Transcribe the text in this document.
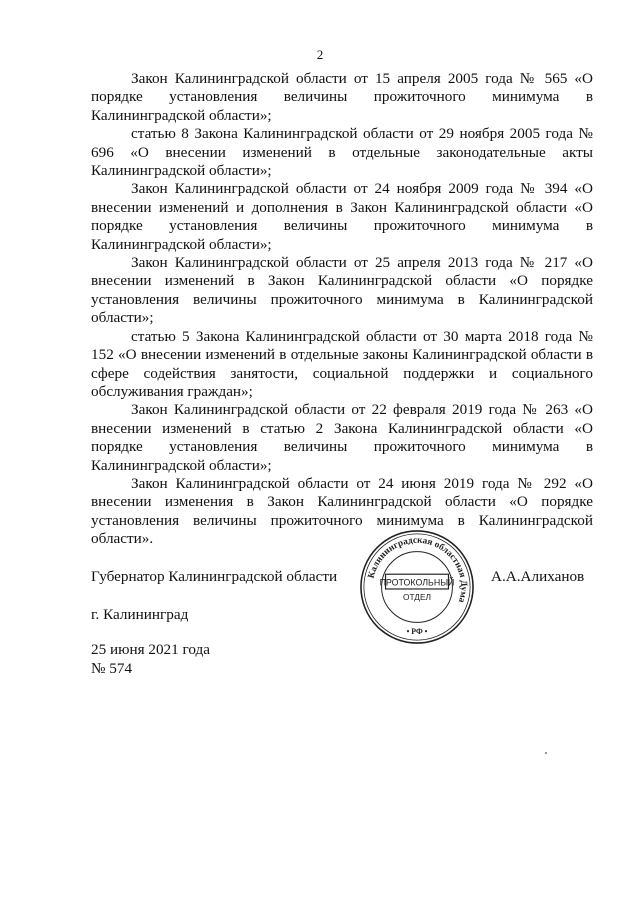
2

Закон Калининградской области от 15 апреля 2005 года № 565 «О порядке установления величины прожиточного минимума в Калининградской области»;

статью 8 Закона Калининградской области от 29 ноября 2005 года № 696 «О внесении изменений в отдельные законодательные акты Калининградской области»;

Закон Калининградской области от 24 ноября 2009 года № 394 «О внесении изменений и дополнения в Закон Калининградской области «О порядке установления величины прожиточного минимума в Калининградской области»;

Закон Калининградской области от 25 апреля 2013 года № 217 «О внесении изменений в Закон Калининградской области «О порядке установления величины прожиточного минимума в Калининградской области»;

статью 5 Закона Калининградской области от 30 марта 2018 года № 152 «О внесении изменений в отдельные законы Калининградской области в сфере содействия занятости, социальной поддержки и социального обслуживания граждан»;

Закон Калининградской области от 22 февраля 2019 года № 263 «О внесении изменений в статью 2 Закона Калининградской области «О порядке установления величины прожиточного минимума в Калининградской области»;

Закон Калининградской области от 24 июня 2019 года № 292 «О внесении изменения в Закон Калининградской области «О порядке установления величины прожиточного минимума в Калининградской области».

Губернатор Калининградской области	А.А.Алиханов
Калининградская областная Дума
ПРОТОКОЛЬНЫЙ
ОТДЕЛ
• РФ •
г. Калининград
25 июня 2021 года
№ 574
